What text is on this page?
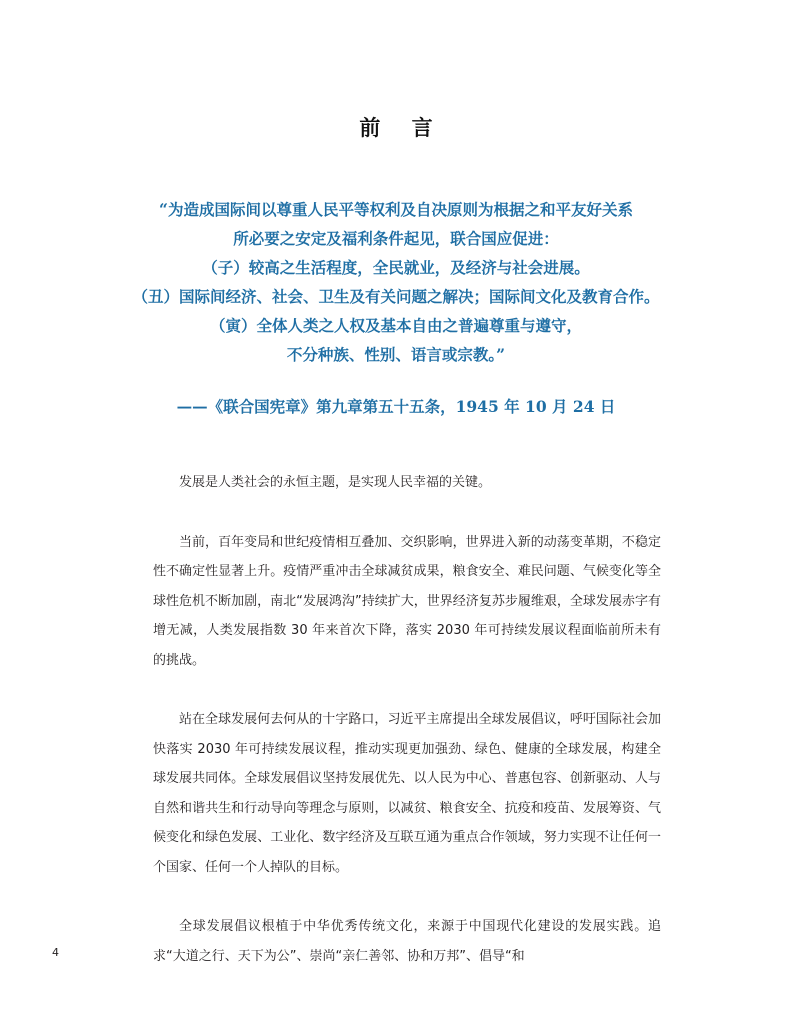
前 言
“为造成国际间以尊重人民平等权利及自决原则为根据之和平友好关系
所必要之安定及福利条件起见，联合国应促进：
（子）较高之生活程度，全民就业，及经济与社会进展。
（丑）国际间经济、社会、卫生及有关问题之解决；国际间文化及教育合作。
（寅）全体人类之人权及基本自由之普遍尊重与遵守，
不分种族、性别、语言或宗教。”
——《联合国宪章》第九章第五十五条，1945 年 10 月 24 日

发展是人类社会的永恒主题，是实现人民幸福的关键。

当前，百年变局和世纪疫情相互叠加、交织影响，世界进入新的动荡变革期，不稳定性不确定性显著上升。疫情严重冲击全球减贫成果，粮食安全、难民问题、气候变化等全球性危机不断加剧，南北“发展鸿沟”持续扩大，世界经济复苏步履维艰，全球发展赤字有增无减，人类发展指数 30 年来首次下降，落实 2030 年可持续发展议程面临前所未有的挑战。

站在全球发展何去何从的十字路口，习近平主席提出全球发展倡议，呼吁国际社会加快落实 2030 年可持续发展议程，推动实现更加强劲、绿色、健康的全球发展，构建全球发展共同体。全球发展倡议坚持发展优先、以人民为中心、普惠包容、创新驱动、人与自然和谐共生和行动导向等理念与原则，以减贫、粮食安全、抗疫和疫苗、发展筹资、气候变化和绿色发展、工业化、数字经济及互联互通为重点合作领域，努力实现不让任何一个国家、任何一个人掉队的目标。

全球发展倡议根植于中华优秀传统文化，来源于中国现代化建设的发展实践。追求“大道之行、天下为公”、崇尚“亲仁善邻、协和万邦”、倡导“和

4
